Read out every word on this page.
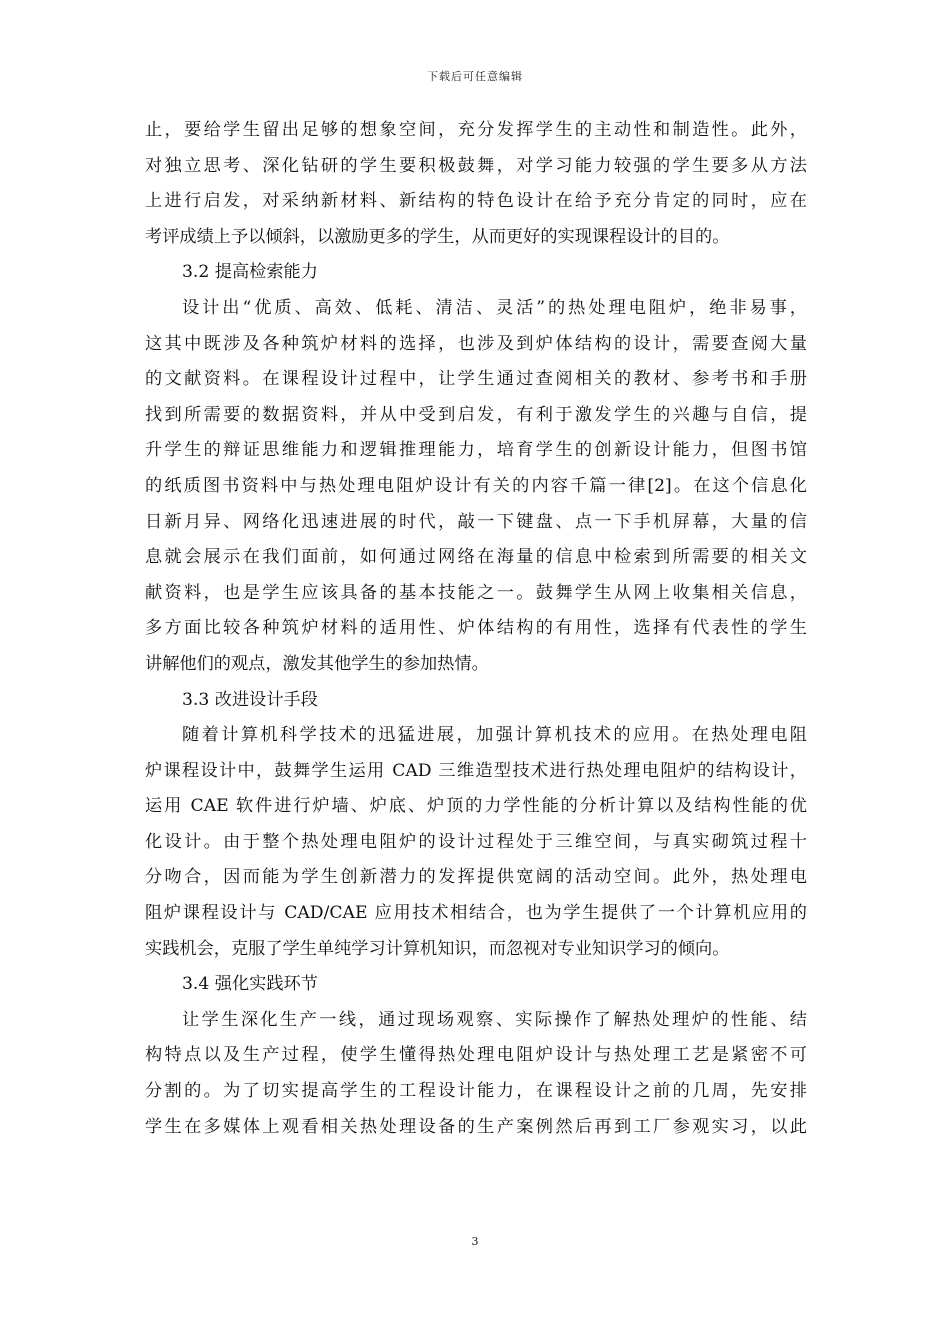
下载后可任意编辑
止，要给学生留出足够的想象空间，充分发挥学生的主动性和制造性。此外，
对独立思考、深化钻研的学生要积极鼓舞，对学习能力较强的学生要多从方法
上进行启发，对采纳新材料、新结构的特色设计在给予充分肯定的同时，应在
考评成绩上予以倾斜，以激励更多的学生，从而更好的实现课程设计的目的。
3.2 提高检索能力
设计出“优质、高效、低耗、清洁、灵活”的热处理电阻炉，绝非易事，
这其中既涉及各种筑炉材料的选择，也涉及到炉体结构的设计，需要查阅大量
的文献资料。在课程设计过程中，让学生通过查阅相关的教材、参考书和手册
找到所需要的数据资料，并从中受到启发，有利于激发学生的兴趣与自信，提
升学生的辩证思维能力和逻辑推理能力，培育学生的创新设计能力，但图书馆
的纸质图书资料中与热处理电阻炉设计有关的内容千篇一律[2]。在这个信息化
日新月异、网络化迅速进展的时代，敲一下键盘、点一下手机屏幕，大量的信
息就会展示在我们面前，如何通过网络在海量的信息中检索到所需要的相关文
献资料，也是学生应该具备的基本技能之一。鼓舞学生从网上收集相关信息，
多方面比较各种筑炉材料的适用性、炉体结构的有用性，选择有代表性的学生
讲解他们的观点，激发其他学生的参加热情。
3.3 改进设计手段
随着计算机科学技术的迅猛进展，加强计算机技术的应用。在热处理电阻
炉课程设计中，鼓舞学生运用 CAD 三维造型技术进行热处理电阻炉的结构设计，
运用 CAE 软件进行炉墙、炉底、炉顶的力学性能的分析计算以及结构性能的优
化设计。由于整个热处理电阻炉的设计过程处于三维空间，与真实砌筑过程十
分吻合，因而能为学生创新潜力的发挥提供宽阔的活动空间。此外，热处理电
阻炉课程设计与 CAD/CAE 应用技术相结合，也为学生提供了一个计算机应用的
实践机会，克服了学生单纯学习计算机知识，而忽视对专业知识学习的倾向。
3.4 强化实践环节
让学生深化生产一线，通过现场观察、实际操作了解热处理炉的性能、结
构特点以及生产过程，使学生懂得热处理电阻炉设计与热处理工艺是紧密不可
分割的。为了切实提高学生的工程设计能力，在课程设计之前的几周，先安排
学生在多媒体上观看相关热处理设备的生产案例然后再到工厂参观实习，以此
3
